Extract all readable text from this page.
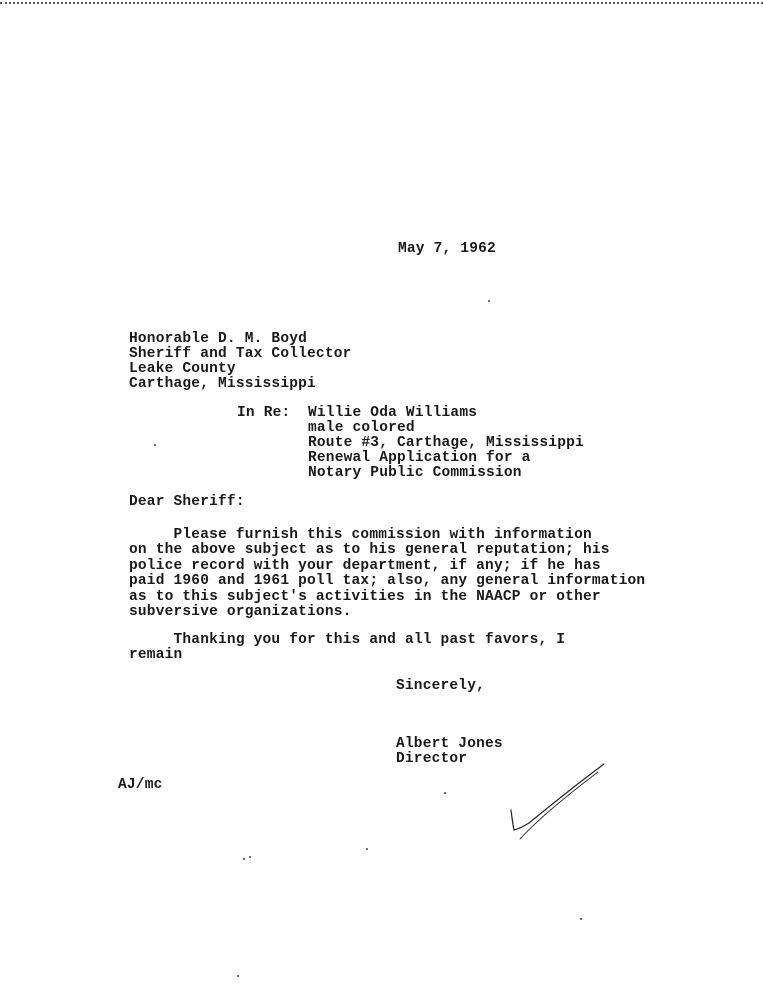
May 7, 1962

Honorable D. M. Boyd
Sheriff and Tax Collector
Leake County
Carthage, Mississippi

In Re: Willie Oda Williams
male colored
Route #3, Carthage, Mississippi
Renewal Application for a
Notary Public Commission

Dear Sheriff:

Please furnish this commission with information
on the above subject as to his general reputation; his
police record with your department, if any; if he has
paid 1960 and 1961 poll tax; also, any general information
as to this subject's activities in the NAACP or other
subversive organizations.
Thanking you for this and all past favors, I
remain

Sincerely,

Albert Jones
Director

AJ/mc
